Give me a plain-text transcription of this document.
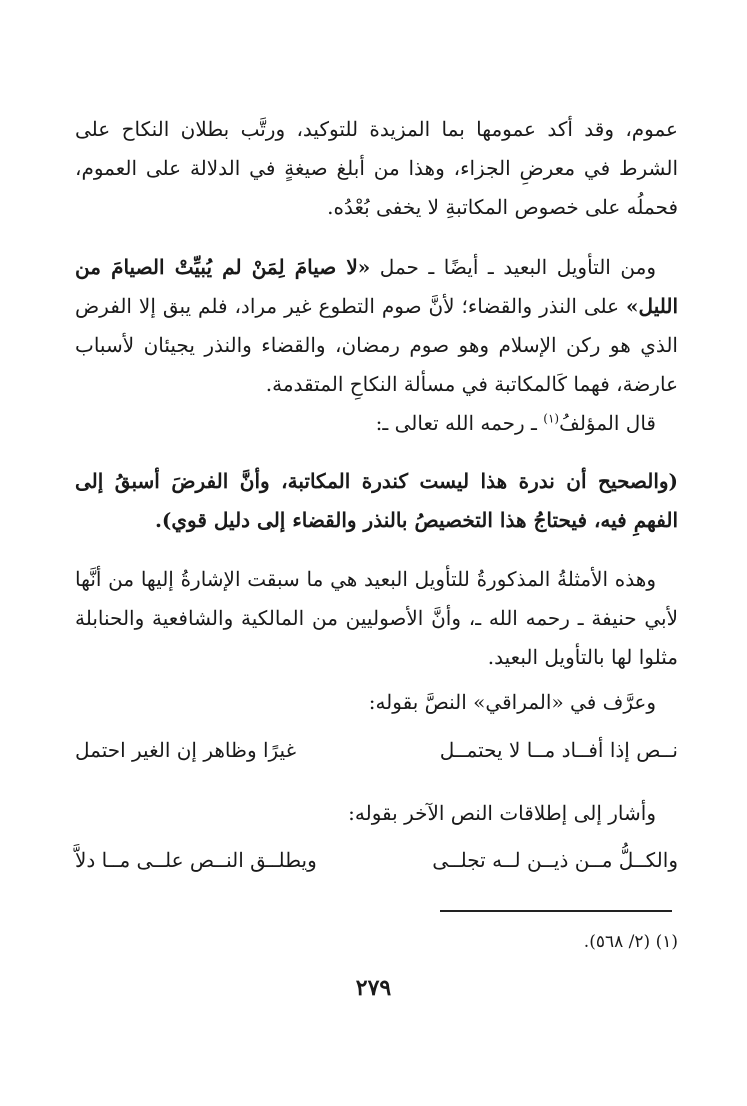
عموم، وقد أكد عمومها بما المزيدة للتوكيد، ورتَّب بطلان النكاح على الشرط في معرضِ الجزاء، وهذا من أبلغ صيغةٍ في الدلالة على العموم، فحملُه على خصوص المكاتبةِ لا يخفى بُعْدُه.

ومن التأويل البعيد ـ أيضًا ـ حمل «لا صيامَ لِمَنْ لم يُبيِّتْ الصيامَ من الليل» على النذر والقضاء؛ لأنَّ صوم التطوع غير مراد، فلم يبق إلا الفرض الذي هو ركن الإسلام وهو صوم رمضان، والقضاء والنذر يجيئان لأسباب عارضة، فهما كَالمكاتبة في مسألة النكاحِ المتقدمة.

قال المؤلفُ$^{(١)}$ ـ رحمه الله تعالى ـ:

(والصحيح أن ندرة هذا ليست كندرة المكاتبة، وأنَّ الفرضَ أسبقُ إلى الفهمِ فيه، فيحتاجُ هذا التخصيصُ بالنذر والقضاء إلى دليل قوي).

وهذه الأمثلةُ المذكورةُ للتأويل البعيد هي ما سبقت الإشارةُ إليها من أنَّها لأبي حنيفة ـ رحمه الله ـ، وأنَّ الأصوليين من المالكية والشافعية والحنابلة مثلوا لها بالتأويل البعيد.

وعرَّف في «المراقي» النصَّ بقوله:

نــص إذا أفــاد مــا لا يحتمــل
غيرًا وظاهر إن الغير احتمل

وأشار إلى إطلاقات النص الآخر بقوله:

والكــلُّ مــن ذيــن لــه تجلــى
ويطلــق النــص علــى مــا دلاَّ
(١) (٢/ ٥٦٨).
٢٧٩
